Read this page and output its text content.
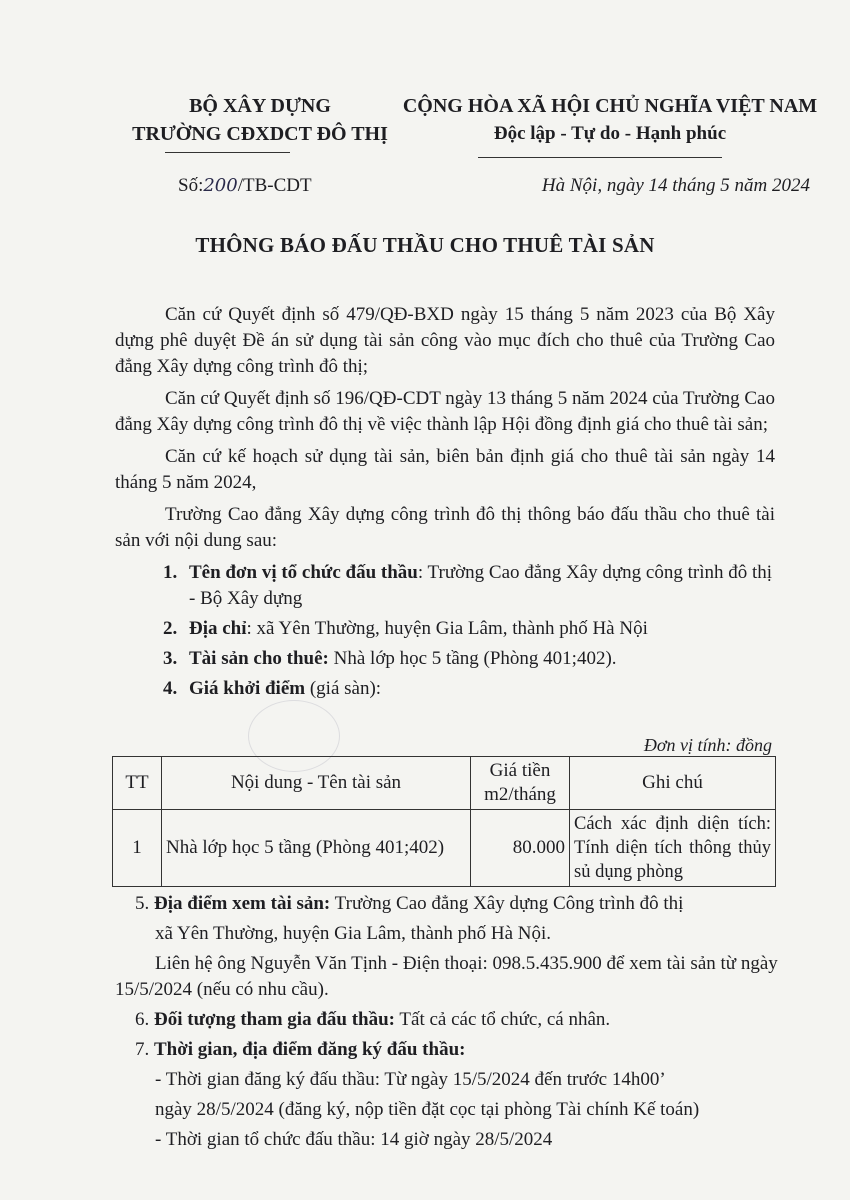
BỘ XÂY DỰNG
TRƯỜNG CĐXDCT ĐÔ THỊ
CỘNG HÒA XÃ HỘI CHỦ NGHĨA VIỆT NAM
Độc lập - Tự do - Hạnh phúc
Số:200/TB-CDT	Hà Nội, ngày 14 tháng 5 năm 2024
THÔNG BÁO ĐẤU THẦU CHO THUÊ TÀI SẢN

Căn cứ Quyết định số 479/QĐ-BXD ngày 15 tháng 5 năm 2023 của Bộ Xây dựng phê duyệt Đề án sử dụng tài sản công vào mục đích cho thuê của Trường Cao đẳng Xây dựng công trình đô thị;

Căn cứ Quyết định số 196/QĐ-CDT ngày 13 tháng 5 năm 2024 của Trường Cao đẳng Xây dựng công trình đô thị về việc thành lập Hội đồng định giá cho thuê tài sản;

Căn cứ kế hoạch sử dụng tài sản, biên bản định giá cho thuê tài sản ngày 14 tháng 5 năm 2024,

Trường Cao đẳng Xây dựng công trình đô thị thông báo đấu thầu cho thuê tài sản với nội dung sau:

1. Tên đơn vị tổ chức đấu thầu: Trường Cao đẳng Xây dựng công trình đô thị - Bộ Xây dựng
2. Địa chỉ: xã Yên Thường, huyện Gia Lâm, thành phố Hà Nội
3. Tài sản cho thuê: Nhà lớp học 5 tầng (Phòng 401;402).
4. Giá khởi điểm (giá sàn):
Đơn vị tính: đồng
TT	Nội dung - Tên tài sản	Giá tiền m2/tháng	Ghi chú
1	Nhà lớp học 5 tầng (Phòng 401;402)	80.000	Cách xác định diện tích: Tính diện tích thông thủy sủ dụng phòng

5. Địa điểm xem tài sản: Trường Cao đẳng Xây dựng Công trình đô thị

xã Yên Thường, huyện Gia Lâm, thành phố Hà Nội.

Liên hệ ông Nguyễn Văn Tịnh - Điện thoại: 098.5.435.900 để xem tài sản từ ngày 15/5/2024 (nếu có nhu cầu).

6. Đối tượng tham gia đấu thầu: Tất cả các tổ chức, cá nhân.

7. Thời gian, địa điểm đăng ký đấu thầu:

- Thời gian đăng ký đấu thầu: Từ ngày 15/5/2024 đến trước 14h00’

ngày 28/5/2024 (đăng ký, nộp tiền đặt cọc tại phòng Tài chính Kế toán)

- Thời gian tổ chức đấu thầu: 14 giờ ngày 28/5/2024
